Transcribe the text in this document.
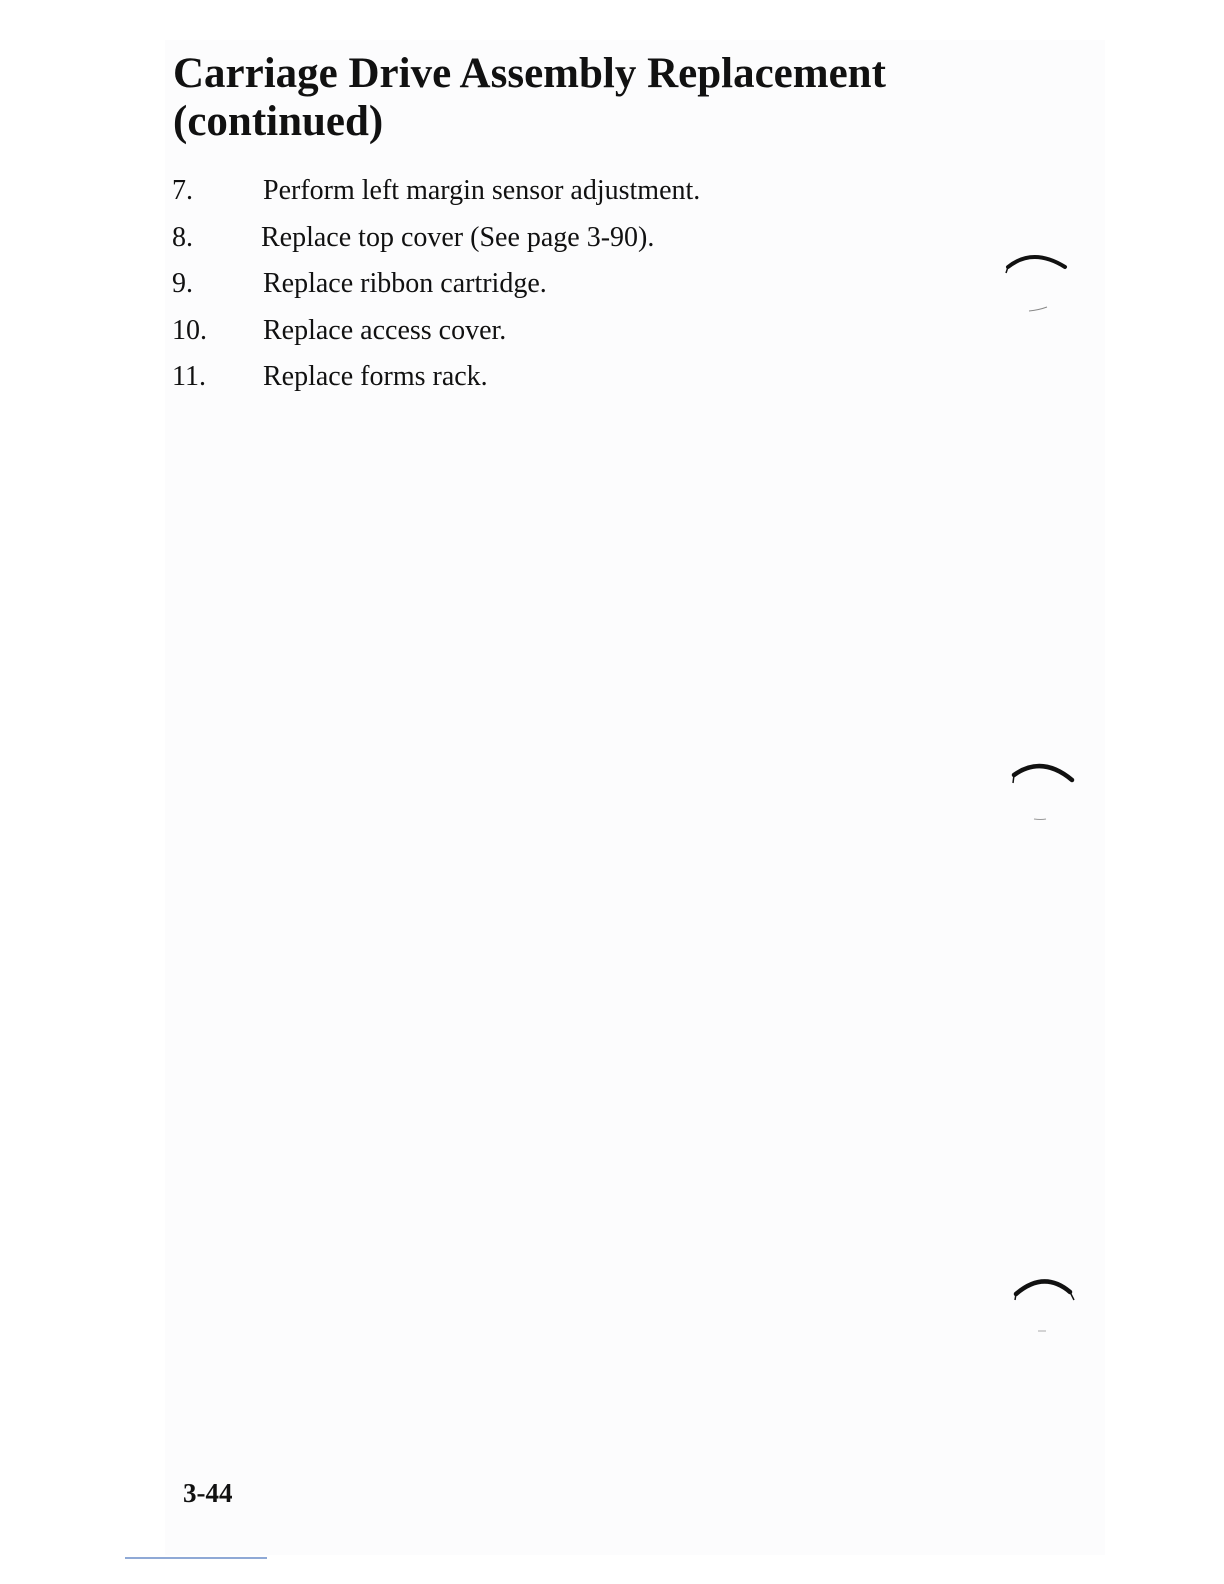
Carriage Drive Assembly Replacement
(continued)
7.	Perform left margin sensor adjustment.
8.	Replace top cover (See page 3-90).
9.	Replace ribbon cartridge.
10.	Replace access cover.
11.	Replace forms rack.
3-44
